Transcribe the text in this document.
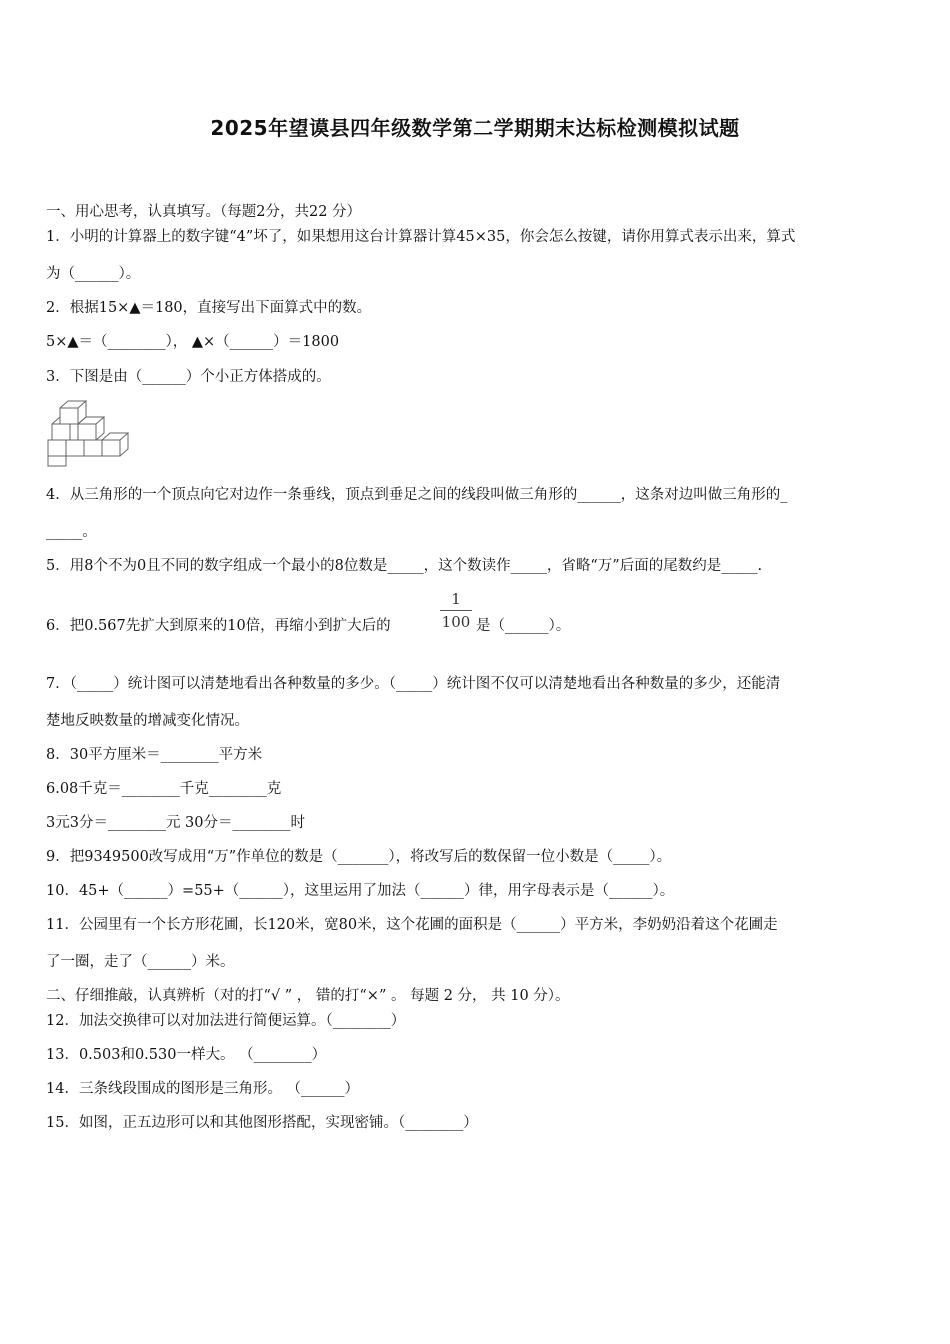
2025年望谟县四年级数学第二学期期末达标检测模拟试题
一、用心思考，认真填写。（每题2分，共22 分）
1．小明的计算器上的数字键“4”坏了，如果想用这台计算器计算45×35，你会怎么按键，请你用算式表示出来，算式
为（______）。
2．根据15×▲＝180，直接写出下面算式中的数。
5×▲＝（________）， ▲×（______）＝1800
3．下图是由（______）个小正方体搭成的。
4．从三角形的一个顶点向它对边作一条垂线，顶点到垂足之间的线段叫做三角形的______，这条对边叫做三角形的_
_____。
5．用8个不为0且不同的数字组成一个最小的8位数是_____，这个数读作_____，省略“万”后面的尾数约是_____.
6．把0.567先扩大到原来的10倍，再缩小到扩大后的
1
100 是（______）。
7．（_____）统计图可以清楚地看出各种数量的多少。（_____）统计图不仅可以清楚地看出各种数量的多少，还能清
楚地反映数量的增减变化情况。
8．30平方厘米＝________平方米
6.08千克＝________千克________克
3元3分＝________元 30分＝________时
9．把9349500改写成用“万”作单位的数是（_______），将改写后的数保留一位小数是（_____）。
10．45+（______）=55+（______），这里运用了加法（______）律，用字母表示是（______）。
11．公园里有一个长方形花圃，长120米，宽80米，这个花圃的面积是（______）平方米，李奶奶沿着这个花圃走
了一圈，走了（______）米。
二、仔细推敲，认真辨析（对的打“√ ” ， 错的打“×” 。 每题 2 分， 共 10 分）。
12．加法交换律可以对加法进行简便运算。（________）
13．0.503和0.530一样大。 （________）
14．三条线段围成的图形是三角形。 （______）
15．如图，正五边形可以和其他图形搭配，实现密铺。（________）
